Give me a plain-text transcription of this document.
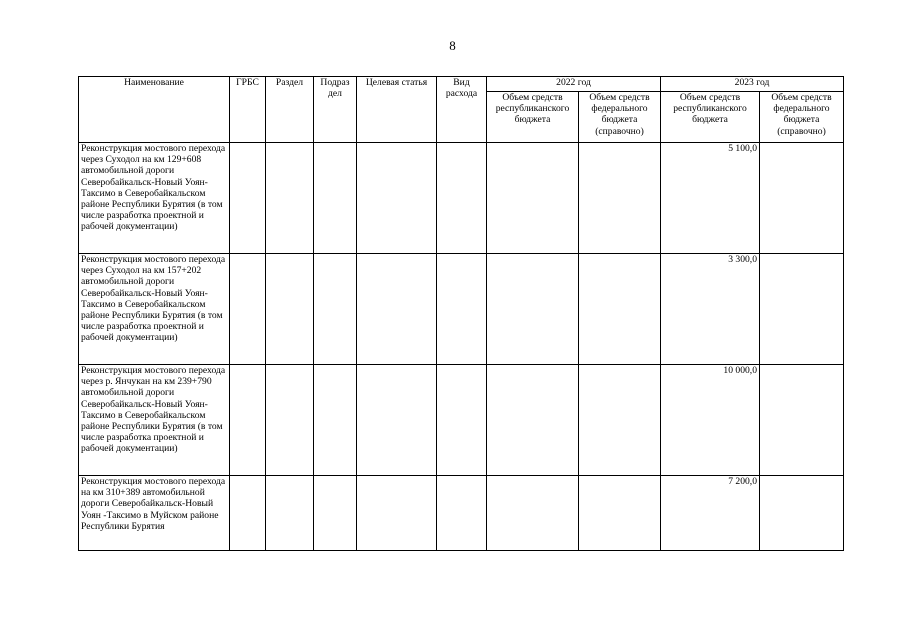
8
Наименование	ГРБС	Раздел	Подраз дел	Целевая статья	Вид расхода	2022 год		2023 год	
						Объем средств республиканского бюджета	Объем средств федерального бюджета (справочно)	Объем средств республиканского бюджета	Объем средств федерального бюджета (справочно)
Реконструкция мостового перехода через Суходол на км 129+608 автомобильной дороги Северобайкальск-Новый Уоян-Таксимо в Северобайкальском районе Республики Бурятия (в том числе разработка проектной и рабочей документации)								5 100,0	
Реконструкция мостового перехода через Суходол на км 157+202 автомобильной дороги Северобайкальск-Новый Уоян-Таксимо в Северобайкальском районе Республики Бурятия (в том числе разработка проектной и рабочей документации)								3 300,0	
Реконструкция мостового перехода через р. Янчукан на км 239+790 автомобильной дороги Северобайкальск-Новый Уоян-Таксимо в Северобайкальском районе Республики Бурятия (в том числе разработка проектной и рабочей документации)								10 000,0	
Реконструкция мостового перехода на км 310+389 автомобильной дороги Северобайкальск-Новый Уоян -Таксимо в Муйском районе Республики Бурятия								7 200,0	
